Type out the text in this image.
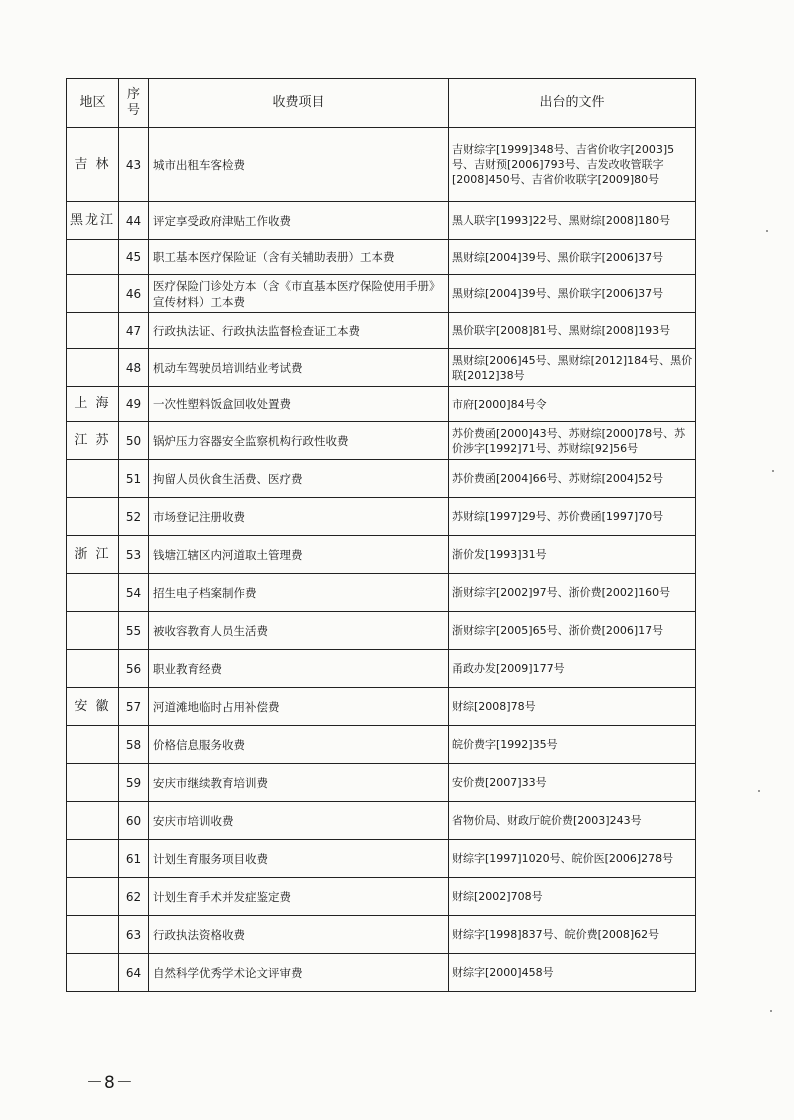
地区	序号	收费项目	出台的文件
吉 林	43	城市出租车客检费	吉财综字[1999]348号、吉省价收字[2003]5号、吉财预[2006]793号、吉发改收管联字[2008]450号、吉省价收联字[2009]80号
黑龙江	44	评定享受政府津贴工作收费	黑人联字[1993]22号、黑财综[2008]180号
	45	职工基本医疗保险证（含有关辅助表册）工本费	黑财综[2004]39号、黑价联字[2006]37号
	46	医疗保险门诊处方本（含《市直基本医疗保险使用手册》宣传材料）工本费	黑财综[2004]39号、黑价联字[2006]37号
	47	行政执法证、行政执法监督检查证工本费	黑价联字[2008]81号、黑财综[2008]193号
	48	机动车驾驶员培训结业考试费	黑财综[2006]45号、黑财综[2012]184号、黑价联[2012]38号
上 海	49	一次性塑料饭盒回收处置费	市府[2000]84号令
江 苏	50	锅炉压力容器安全监察机构行政性收费	苏价费函[2000]43号、苏财综[2000]78号、苏价涉字[1992]71号、苏财综[92]56号
	51	拘留人员伙食生活费、医疗费	苏价费函[2004]66号、苏财综[2004]52号
	52	市场登记注册收费	苏财综[1997]29号、苏价费函[1997]70号
浙 江	53	钱塘江辖区内河道取土管理费	浙价发[1993]31号
	54	招生电子档案制作费	浙财综字[2002]97号、浙价费[2002]160号
	55	被收容教育人员生活费	浙财综字[2005]65号、浙价费[2006]17号
	56	职业教育经费	甬政办发[2009]177号
安 徽	57	河道滩地临时占用补偿费	财综[2008]78号
	58	价格信息服务收费	皖价费字[1992]35号
	59	安庆市继续教育培训费	安价费[2007]33号
	60	安庆市培训收费	省物价局、财政厅皖价费[2003]243号
	61	计划生育服务项目收费	财综字[1997]1020号、皖价医[2006]278号
	62	计划生育手术并发症鉴定费	财综[2002]708号
	63	行政执法资格收费	财综字[1998]837号、皖价费[2008]62号
	64	自然科学优秀学术论文评审费	财综字[2000]458号
－8－
